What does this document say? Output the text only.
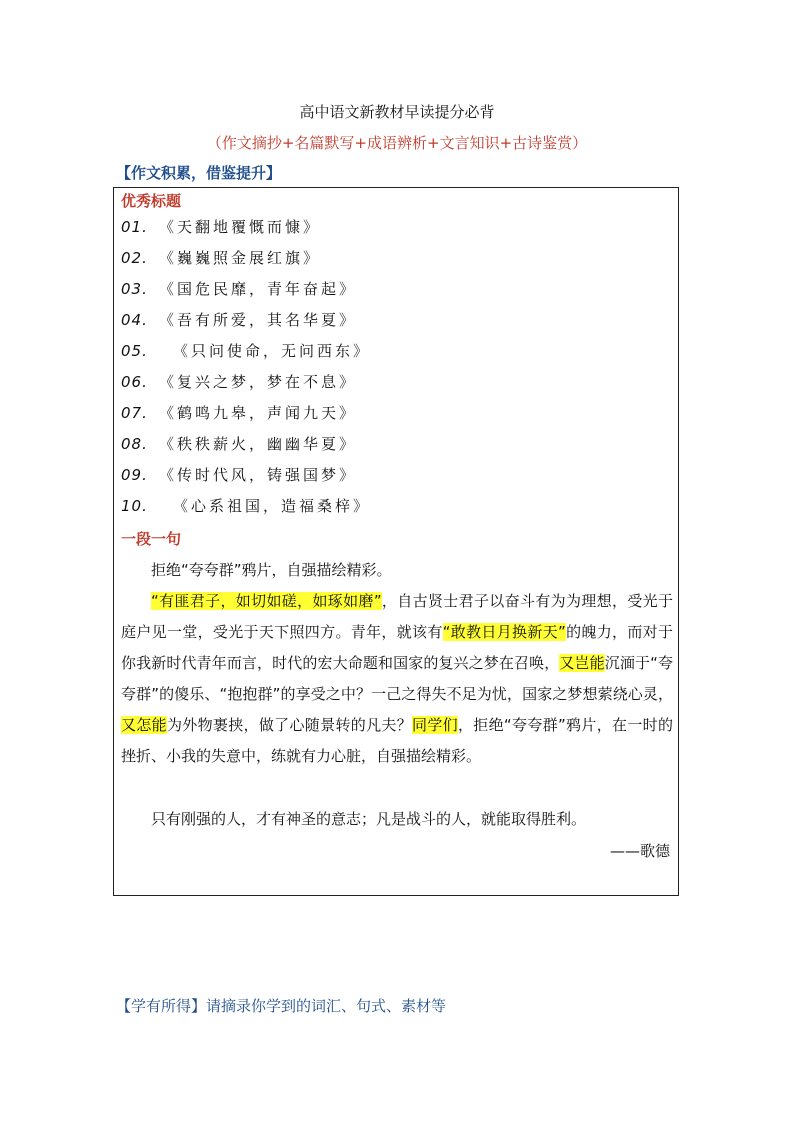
高中语文新教材早读提分必背
（作文摘抄+名篇默写+成语辨析+文言知识+古诗鉴赏）
【作文积累，借鉴提升】
优秀标题
01. 《天翻地覆慨而慷》
02. 《巍巍照金展红旗》
03. 《国危民靡，青年奋起》
04. 《吾有所爱，其名华夏》
05. 《只问使命，无问西东》
06. 《复兴之梦，梦在不息》
07. 《鹤鸣九皋，声闻九天》
08. 《秩秩薪火，幽幽华夏》
09. 《传时代风，铸强国梦》
10. 《心系祖国，造福桑梓》
一段一句

拒绝“夸夸群”鸦片，自强描绘精彩。

“有匪君子，如切如磋，如琢如磨”，自古贤士君子以奋斗有为为理想，受光于庭户见一堂，受光于天下照四方。青年，就该有“敢教日月换新天”的魄力，而对于你我新时代青年而言，时代的宏大命题和国家的复兴之梦在召唤，又岂能沉湎于“夸夸群”的傻乐、“抱抱群”的享受之中？一己之得失不足为忧，国家之梦想萦绕心灵，又怎能为外物裹挟，做了心随景转的凡夫？同学们，拒绝“夸夸群”鸦片，在一时的挫折、小我的失意中，练就有力心脏，自强描绘精彩。

只有刚强的人，才有神圣的意志；凡是战斗的人，就能取得胜利。

——歌德
【学有所得】请摘录你学到的词汇、句式、素材等
